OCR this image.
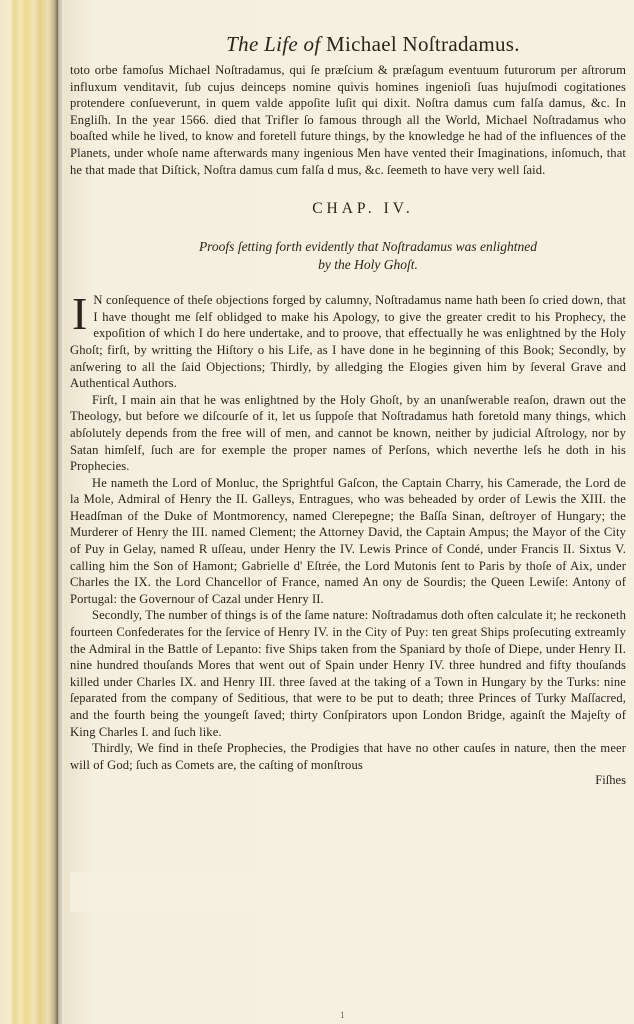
The Life of Michael Noſtradamus.

toto orbe famoſus Michael Noſtradamus, qui ſe præſcium & præſagum eventuum futurorum per aſtrorum influxum venditavit, ſub cujus deinceps nomine quivis homines ingenioſi ſuas hujuſmodi cogitationes protendere conſueverunt, in quem valde appoſite luſit qui dixit. Noſtra damus cum falſa damus, &c. In Engliſh. In the year 1566. died that Trifler ſo famous through all the World, Michael Noſtradamus who boaſted while he lived, to know and foretell future things, by the knowledge he had of the influences of the Planets, under whoſe name afterwards many ingenious Men have vented their Imaginations, inſomuch, that he that made that Diſtick, Noſtra damus cum falſa d mus, &c. ſeemeth to have very well ſaid.

CHAP. IV.
Proofs ſetting forth evidently that Noſtradamus was enlightned
by the Holy Ghoſt.
I N conſequence of theſe objections forged by calumny, Noſtradamus name hath been ſo cried down, that I have thought me ſelf oblidged to make his Apology, to give the greater credit to his Prophecy, the expoſition of which I do here undertake, and to proove, that effectually he was enlightned by the Holy Ghoſt; firſt, by writting the Hiſtory o his Life, as I have done in he beginning of this Book; Secondly, by anſwering to all the ſaid Objections; Thirdly, by alledging the Elogies given him by ſeveral Grave and Authentical Authors.

Firſt, I main ain that he was enlightned by the Holy Ghoſt, by an unanſwerable reaſon, drawn out the Theology, but before we diſcourſe of it, let us ſuppoſe that Noſtradamus hath foretold many things, which abſolutely depends from the free will of men, and cannot be known, neither by judicial Aſtrology, nor by Satan himſelf, ſuch are for exemple the proper names of Perſons, which neverthe leſs he doth in his Prophecies.

He nameth the Lord of Monluc, the Sprightful Gaſcon, the Captain Charry, his Camerade, the Lord de la Mole, Admiral of Henry the II. Galleys, Entragues, who was beheaded by order of Lewis the XIII. the Headſman of the Duke of Montmorency, named Clerepegne; the Baſſa Sinan, deſtroyer of Hungary; the Murderer of Henry the III. named Clement; the Attorney David, the Captain Ampus; the Mayor of the City of Puy in Gelay, named R uſſeau, under Henry the IV. Lewis Prince of Condé, under Francis II. Sixtus V. calling him the Son of Hamont; Gabrielle d' Eſtrée, the Lord Mutonis ſent to Paris by thoſe of Aix, under Charles the IX. the Lord Chancellor of France, named An ony de Sourdis; the Queen Lewiſe: Antony of Portugal: the Governour of Cazal under Henry II.

Secondly, The number of things is of the ſame nature: Noſtradamus doth often calculate it; he reckoneth fourteen Confederates for the ſervice of Henry IV. in the City of Puy: ten great Ships proſecuting extreamly the Admiral in the Battle of Lepanto: five Ships taken from the Spaniard by thoſe of Diepe, under Henry II. nine hundred thouſands Mores that went out of Spain under Henry IV. three hundred and fifty thouſands killed under Charles IX. and Henry III. three ſaved at the taking of a Town in Hungary by the Turks: nine ſeparated from the company of Seditious, that were to be put to death; three Princes of Turky Maſſacred, and the fourth being the youngeſt ſaved; thirty Conſpirators upon London Bridge, againſt the Majeſty of King Charles I. and ſuch like.

Thirdly, We find in theſe Prophecies, the Prodigies that have no other cauſes in nature, then the meer will of God; ſuch as Comets are, the caſting of monſtrous

Fiſhes
1
